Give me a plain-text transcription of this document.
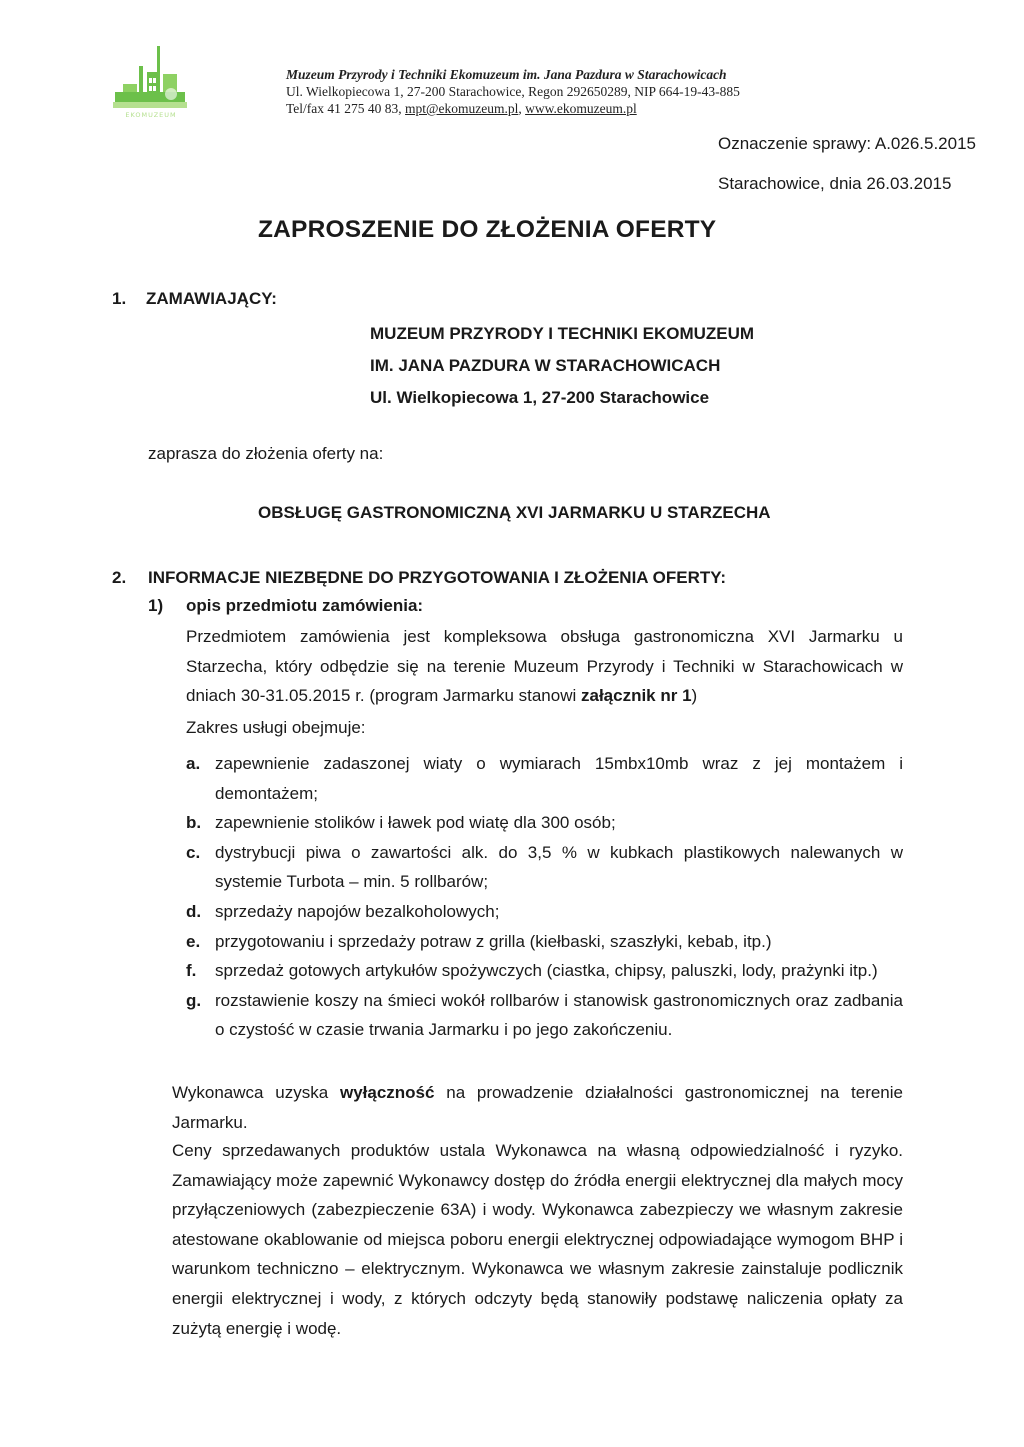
EKOMUZEUM
Muzeum Przyrody i Techniki Ekomuzeum im. Jana Pazdura w Starachowicach
Ul. Wielkopiecowa 1, 27-200 Starachowice, Regon 292650289, NIP 664-19-43-885
Tel/fax 41 275 40 83, mpt@ekomuzeum.pl, www.ekomuzeum.pl
Oznaczenie sprawy: A.026.5.2015
Starachowice, dnia 26.03.2015
ZAPROSZENIE DO ZŁOŻENIA OFERTY
1. ZAMAWIAJĄCY:
MUZEUM PRZYRODY I TECHNIKI EKOMUZEUM
IM. JANA PAZDURA W STARACHOWICACH
Ul. Wielkopiecowa 1, 27-200 Starachowice
zaprasza do złożenia oferty na:
OBSŁUGĘ GASTRONOMICZNĄ XVI JARMARKU U STARZECHA
2. INFORMACJE NIEZBĘDNE DO PRZYGOTOWANIA I ZŁOŻENIA OFERTY:
1) opis przedmiotu zamówienia:
Przedmiotem zamówienia jest kompleksowa obsługa gastronomiczna XVI Jarmarku u Starzecha, który odbędzie się na terenie Muzeum Przyrody i Techniki w Starachowicach w dniach 30-31.05.2015 r. (program Jarmarku stanowi załącznik nr 1)
Zakres usługi obejmuje:
a. zapewnienie zadaszonej wiaty o wymiarach 15mbx10mb wraz z jej montażem i demontażem;
b. zapewnienie stolików i ławek pod wiatę dla 300 osób;
c. dystrybucji piwa o zawartości alk. do 3,5 % w kubkach plastikowych nalewanych w systemie Turbota – min. 5 rollbarów;
d. sprzedaży napojów bezalkoholowych;
e. przygotowaniu i sprzedaży potraw z grilla (kiełbaski, szaszłyki, kebab, itp.)
f. sprzedaż gotowych artykułów spożywczych (ciastka, chipsy, paluszki, lody, prażynki itp.)
g. rozstawienie koszy na śmieci wokół rollbarów i stanowisk gastronomicznych oraz zadbania o czystość w czasie trwania Jarmarku i po jego zakończeniu.
Wykonawca uzyska wyłączność na prowadzenie działalności gastronomicznej na terenie Jarmarku.
Ceny sprzedawanych produktów ustala Wykonawca na własną odpowiedzialność i ryzyko. Zamawiający może zapewnić Wykonawcy dostęp do źródła energii elektrycznej dla małych mocy przyłączeniowych (zabezpieczenie 63A) i wody. Wykonawca zabezpieczy we własnym zakresie atestowane okablowanie od miejsca poboru energii elektrycznej odpowiadające wymogom BHP i warunkom techniczno – elektrycznym. Wykonawca we własnym zakresie zainstaluje podlicznik energii elektrycznej i wody, z których odczyty będą stanowiły podstawę naliczenia opłaty za zużytą energię i wodę.
